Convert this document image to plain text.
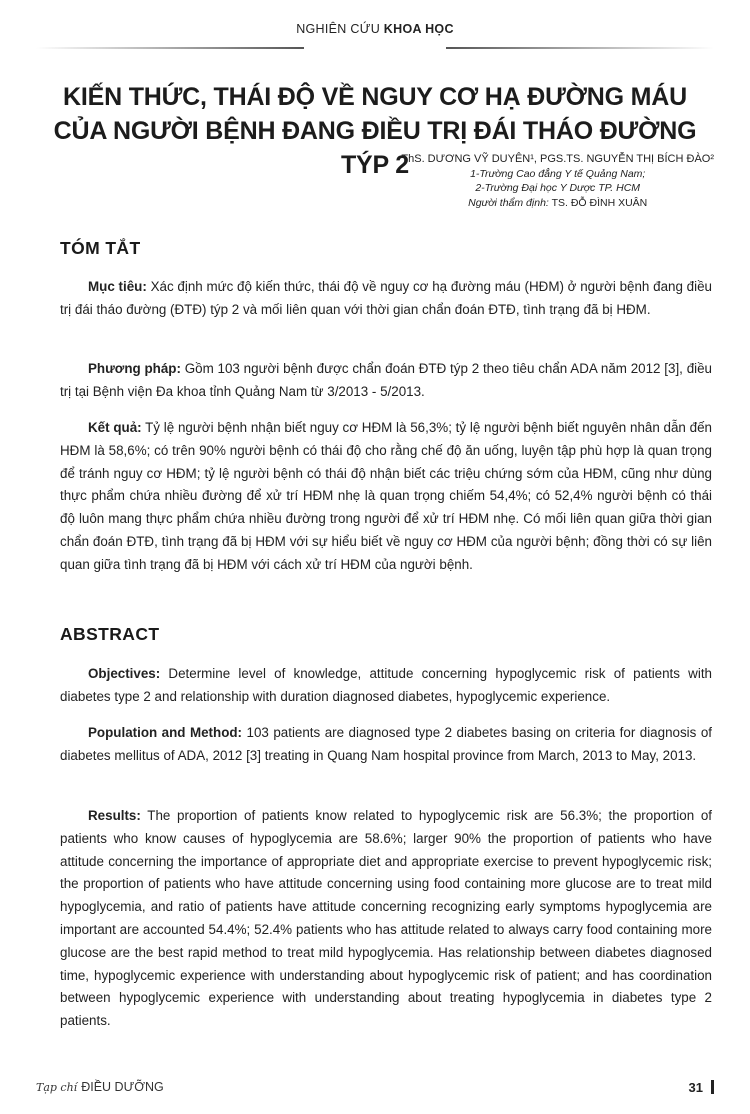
NGHIÊN CỨU KHOA HỌC
KIẾN THỨC, THÁI ĐỘ VỀ NGUY CƠ HẠ ĐƯỜNG MÁU
CỦA NGƯỜI BỆNH ĐANG ĐIỀU TRỊ ĐÁI THÁO ĐƯỜNG TÝP 2
ThS. DƯƠNG VỸ DUYÊN¹, PGS.TS. NGUYỄN THỊ BÍCH ĐÀO²
1-Trường Cao đẳng Y tế Quảng Nam;
2-Trường Đại học Y Dược TP. HCM
Người thẩm định: TS. ĐỖ ĐÌNH XUÂN
TÓM TẮT
Mục tiêu: Xác định mức độ kiến thức, thái độ về nguy cơ hạ đường máu (HĐM) ở người bệnh đang điều trị đái tháo đường (ĐTĐ) týp 2 và mối liên quan với thời gian chẩn đoán ĐTĐ, tình trạng đã bị HĐM.
Phương pháp: Gồm 103 người bệnh được chẩn đoán ĐTĐ týp 2 theo tiêu chẩn ADA năm 2012 [3], điều trị tại Bệnh viện Đa khoa tỉnh Quảng Nam từ 3/2013 - 5/2013.
Kết quả: Tỷ lệ người bệnh nhận biết nguy cơ HĐM là 56,3%; tỷ lệ người bệnh biết nguyên nhân dẫn đến HĐM là 58,6%; có trên 90% người bệnh có thái độ cho rằng chế độ ăn uống, luyện tập phù hợp là quan trọng để tránh nguy cơ HĐM; tỷ lệ người bệnh có thái độ nhận biết các triệu chứng sớm của HĐM, cũng như dùng thực phẩm chứa nhiều đường để xử trí HĐM nhẹ là quan trọng chiếm 54,4%; có 52,4% người bệnh có thái độ luôn mang thực phẩm chứa nhiều đường trong người để xử trí HĐM nhẹ. Có mối liên quan giữa thời gian chẩn đoán ĐTĐ, tình trạng đã bị HĐM với sự hiểu biết về nguy cơ HĐM của người bệnh; đồng thời có sự liên quan giữa tình trạng đã bị HĐM với cách xử trí HĐM của người bệnh.
ABSTRACT
Objectives: Determine level of knowledge, attitude concerning hypoglycemic risk of patients with diabetes type 2 and relationship with duration diagnosed diabetes, hypoglycemic experience.
Population and Method: 103 patients are diagnosed type 2 diabetes basing on criteria for diagnosis of diabetes mellitus of ADA, 2012 [3] treating in Quang Nam hospital province from March, 2013 to May, 2013.
Results: The proportion of patients know related to hypoglycemic risk are 56.3%; the proportion of patients who know causes of hypoglycemia are 58.6%; larger 90% the proportion of patients who have attitude concerning the importance of appropriate diet and appropriate exercise to prevent hypoglycemic risk; the proportion of patients who have attitude concerning using food containing more glucose are to treat mild hypoglycemia, and ratio of patients have attitude concerning recognizing early symptoms hypoglycemia are important are accounted 54.4%; 52.4% patients who has attitude related to always carry food containing more glucose are the best rapid method to treat mild hypoglycemia. Has relationship between diabetes diagnosed time, hypoglycemic experience with understanding about hypoglycemic risk of patient; and has coordination between hypoglycemic experience with understanding about treating hypoglycemia in diabetes type 2 patients.
Tạp chí ĐIỀU DƯỠNG	31
